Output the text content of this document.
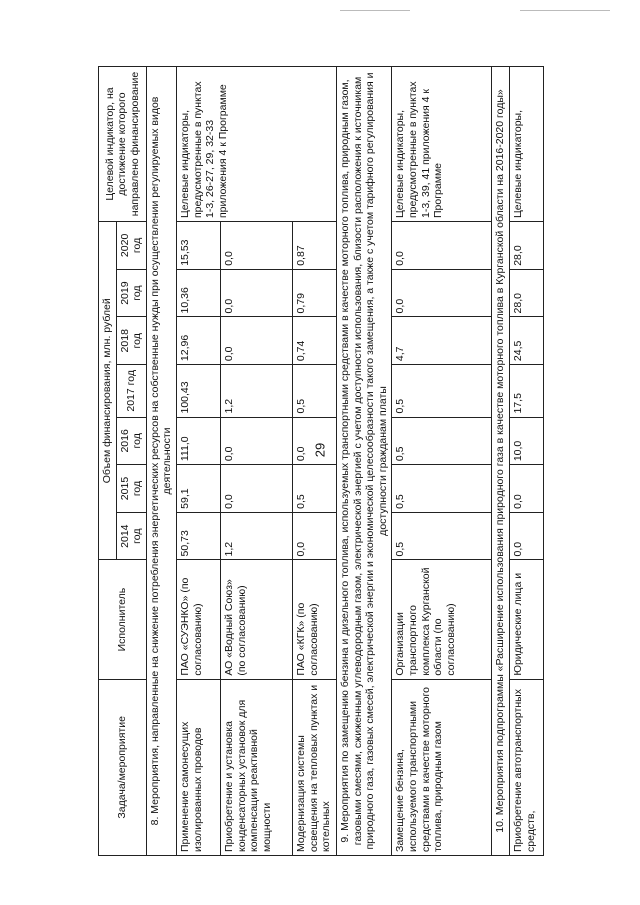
29
Задача/мероприятие	Исполнитель	Объем финансирования, млн. рублей							Целевой индикатор, на достижение которого направлено финансирование
		2014 год	2015 год	2016 год	2017 год	2018 год	2019 год	2020 год	
8. Мероприятия, направленные на снижение потребления энергетических ресурсов на собственные нужды при осуществлении регулируемых видов деятельности									
Применение самонесущих изолированных проводов	ПАО «СУЭНКО» (по согласованию)	50,73	59,1	111,0	100,43	12,96	10,36	15,53	Целевые индикаторы, предусмотренные в пунктах 1-3, 26-27, 29, 32-33 приложения 4 к Программе
Приобретение и установка конденсаторных установок для компенсации реактивной мощности	АО «Водный Союз» (по согласованию)	1,2	0,0	0,0	1,2	0,0	0,0	0,0	
Модернизация системы освещения на тепловых пунктах и котельных	ПАО «КГК» (по согласованию)	0,0	0,5	0,0	0,5	0,74	0,79	0,87	
9. Мероприятия по замещению бензина и дизельного топлива, используемых транспортными средствами в качестве моторного топлива, природным газом, газовыми смесями, сжиженным углеводородным газом, электрической энергией с учетом доступности использования, близости расположения к источникам природного газа, газовых смесей, электрической энергии и экономической целесообразности такого замещения, а также с учетом тарифного регулирования и доступности гражданам платы									
Замещение бензина, используемого транспортными средствами в качестве моторного топлива, природным газом	Организации транспортного комплекса Курганской области (по согласованию)	0,5	0,5	0,5	0,5	4,7	0,0	0,0	Целевые индикаторы, предусмотренные в пунктах 1-3, 39, 41 приложения 4 к Программе
10. Мероприятия подпрограммы «Расширение использования природного газа в качестве моторного топлива в Курганской области на 2016-2020 годы»									
Приобретение автотранспортных средств,	Юридические лица и	0,0	0,0	10,0	17,5	24,5	28,0	28,0	Целевые индикаторы,
